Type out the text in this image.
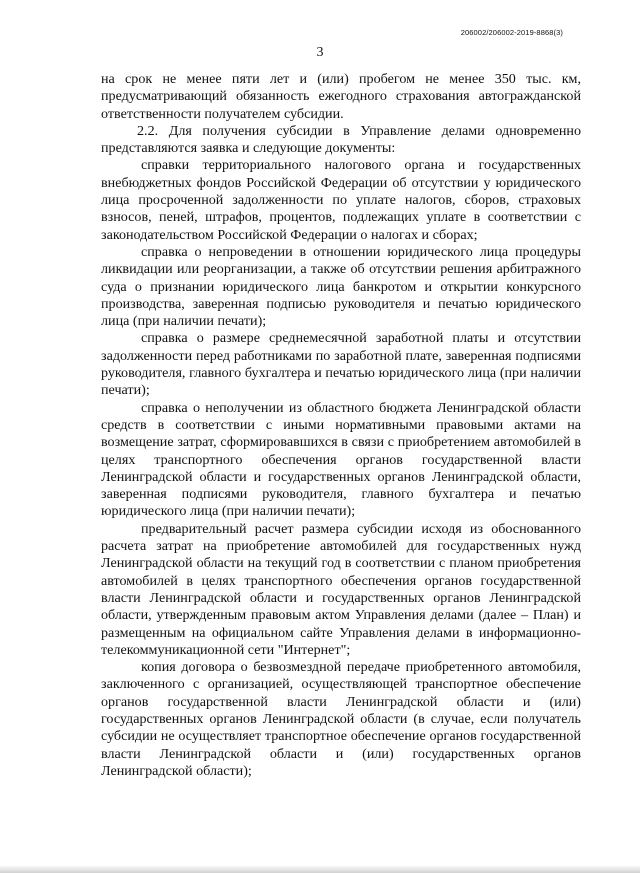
206002/206002-2019-8868(3)
3

на срок не менее пяти лет и (или) пробегом не менее 350 тыс. км, предусматривающий обязанность ежегодного страхования автогражданской ответственности получателем субсидии.

2.2. Для получения субсидии в Управление делами одновременно представляются заявка и следующие документы:

справки территориального налогового органа и государственных внебюджетных фондов Российской Федерации об отсутствии у юридического лица просроченной задолженности по уплате налогов, сборов, страховых взносов, пеней, штрафов, процентов, подлежащих уплате в соответствии с законодательством Российской Федерации о налогах и сборах;

справка о непроведении в отношении юридического лица процедуры ликвидации или реорганизации, а также об отсутствии решения арбитражного суда о признании юридического лица банкротом и открытии конкурсного производства, заверенная подписью руководителя и печатью юридического лица (при наличии печати);

справка о размере среднемесячной заработной платы и отсутствии задолженности перед работниками по заработной плате, заверенная подписями руководителя, главного бухгалтера и печатью юридического лица (при наличии печати);

справка о неполучении из областного бюджета Ленинградской области средств в соответствии с иными нормативными правовыми актами на возмещение затрат, сформировавшихся в связи с приобретением автомобилей в целях транспортного обеспечения органов государственной власти Ленинградской области и государственных органов Ленинградской области, заверенная подписями руководителя, главного бухгалтера и печатью юридического лица (при наличии печати);

предварительный расчет размера субсидии исходя из обоснованного расчета затрат на приобретение автомобилей для государственных нужд Ленинградской области на текущий год в соответствии с планом приобретения автомобилей в целях транспортного обеспечения органов государственной власти Ленинградской области и государственных органов Ленинградской области, утвержденным правовым актом Управления делами (далее – План) и размещенным на официальном сайте Управления делами в информационно-телекоммуникационной сети "Интернет";

копия договора о безвозмездной передаче приобретенного автомобиля, заключенного с организацией, осуществляющей транспортное обеспечение органов государственной власти Ленинградской области и (или) государственных органов Ленинградской области (в случае, если получатель субсидии не осуществляет транспортное обеспечение органов государственной власти Ленинградской области и (или) государственных органов Ленинградской области);
